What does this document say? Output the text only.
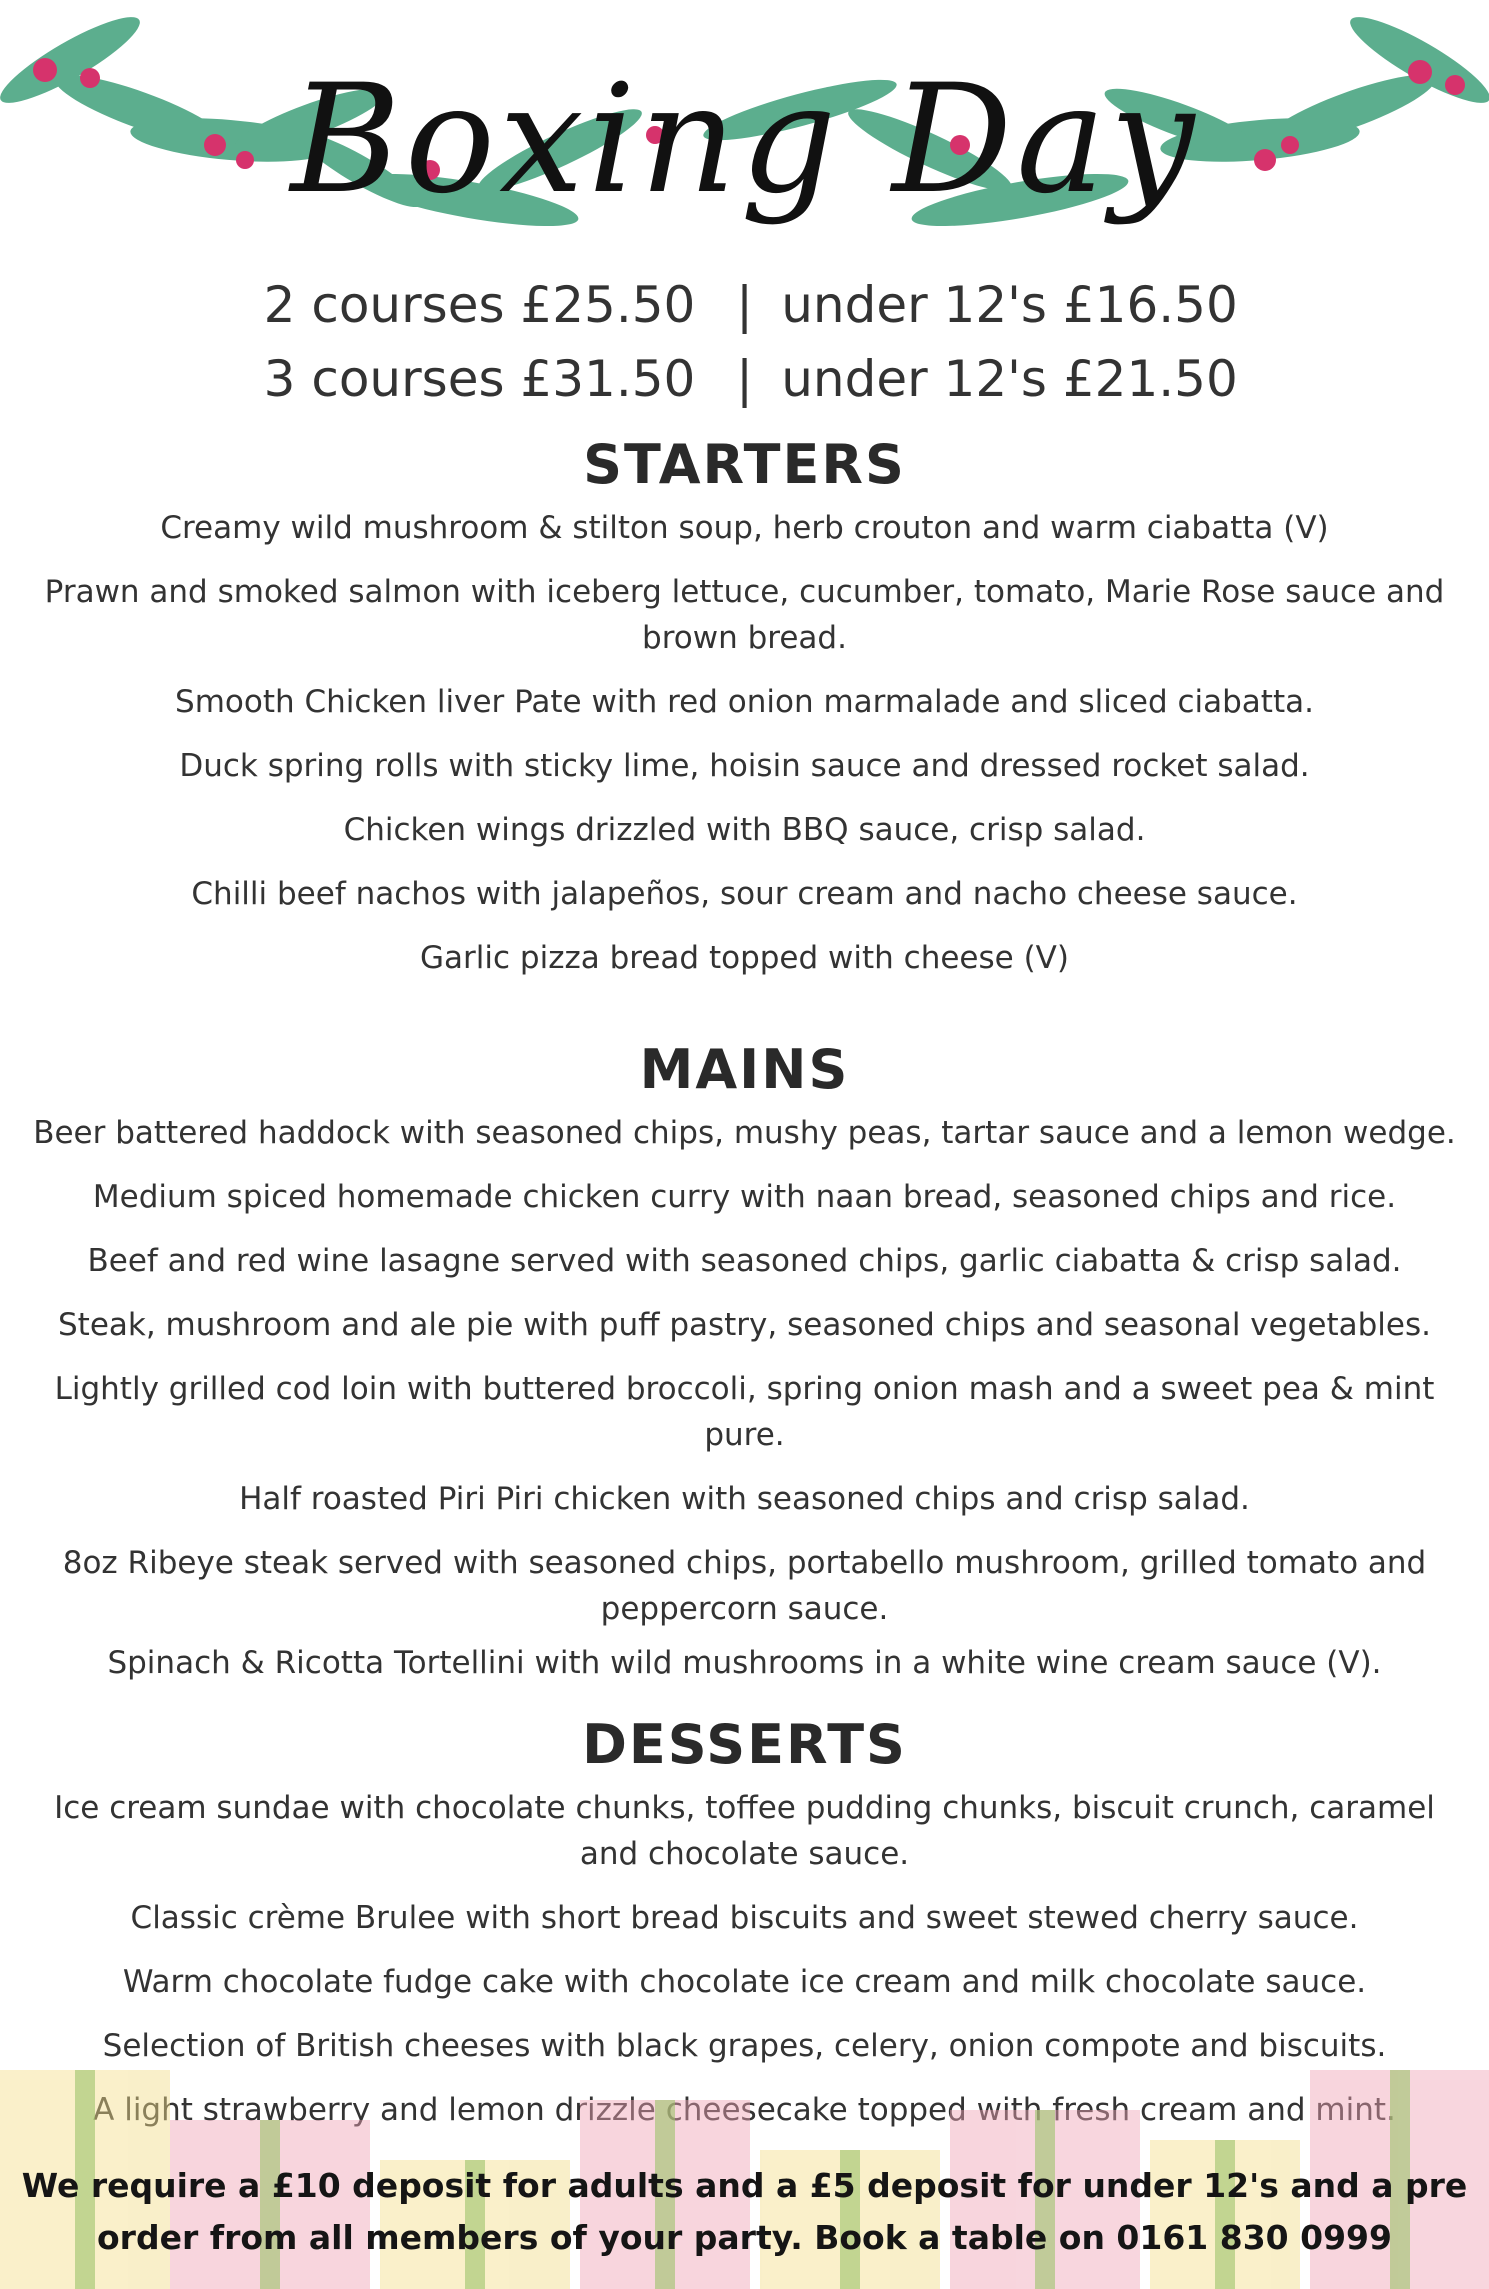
Boxing Day
2 courses £25.50 | under 12's £16.50
3 courses £31.50 | under 12's £21.50
STARTERS

Creamy wild mushroom & stilton soup, herb crouton and warm ciabatta (V)

Prawn and smoked salmon with iceberg lettuce, cucumber, tomato, Marie Rose sauce and brown bread.

Smooth Chicken liver Pate with red onion marmalade and sliced ciabatta.

Duck spring rolls with sticky lime, hoisin sauce and dressed rocket salad.

Chicken wings drizzled with BBQ sauce, crisp salad.

Chilli beef nachos with jalapeños, sour cream and nacho cheese sauce.

Garlic pizza bread topped with cheese (V)

MAINS

Beer battered haddock with seasoned chips, mushy peas, tartar sauce and a lemon wedge.

Medium spiced homemade chicken curry with naan bread, seasoned chips and rice.

Beef and red wine lasagne served with seasoned chips, garlic ciabatta & crisp salad.

Steak, mushroom and ale pie with puff pastry, seasoned chips and seasonal vegetables.

Lightly grilled cod loin with buttered broccoli, spring onion mash and a sweet pea & mint pure.

Half roasted Piri Piri chicken with seasoned chips and crisp salad.

8oz Ribeye steak served with seasoned chips, portabello mushroom, grilled tomato and peppercorn sauce.

Spinach & Ricotta Tortellini with wild mushrooms in a white wine cream sauce (V).

DESSERTS

Ice cream sundae with chocolate chunks, toffee pudding chunks, biscuit crunch, caramel and chocolate sauce.

Classic crème Brulee with short bread biscuits and sweet stewed cherry sauce.

Warm chocolate fudge cake with chocolate ice cream and milk chocolate sauce.

Selection of British cheeses with black grapes, celery, onion compote and biscuits.

strawberry and lemon cheesecake topped cream and

We require a £10 deposit for adults and a £5 deposit for under 12's and a pre order from all members of your party. Book a table on 0161 830 0999
